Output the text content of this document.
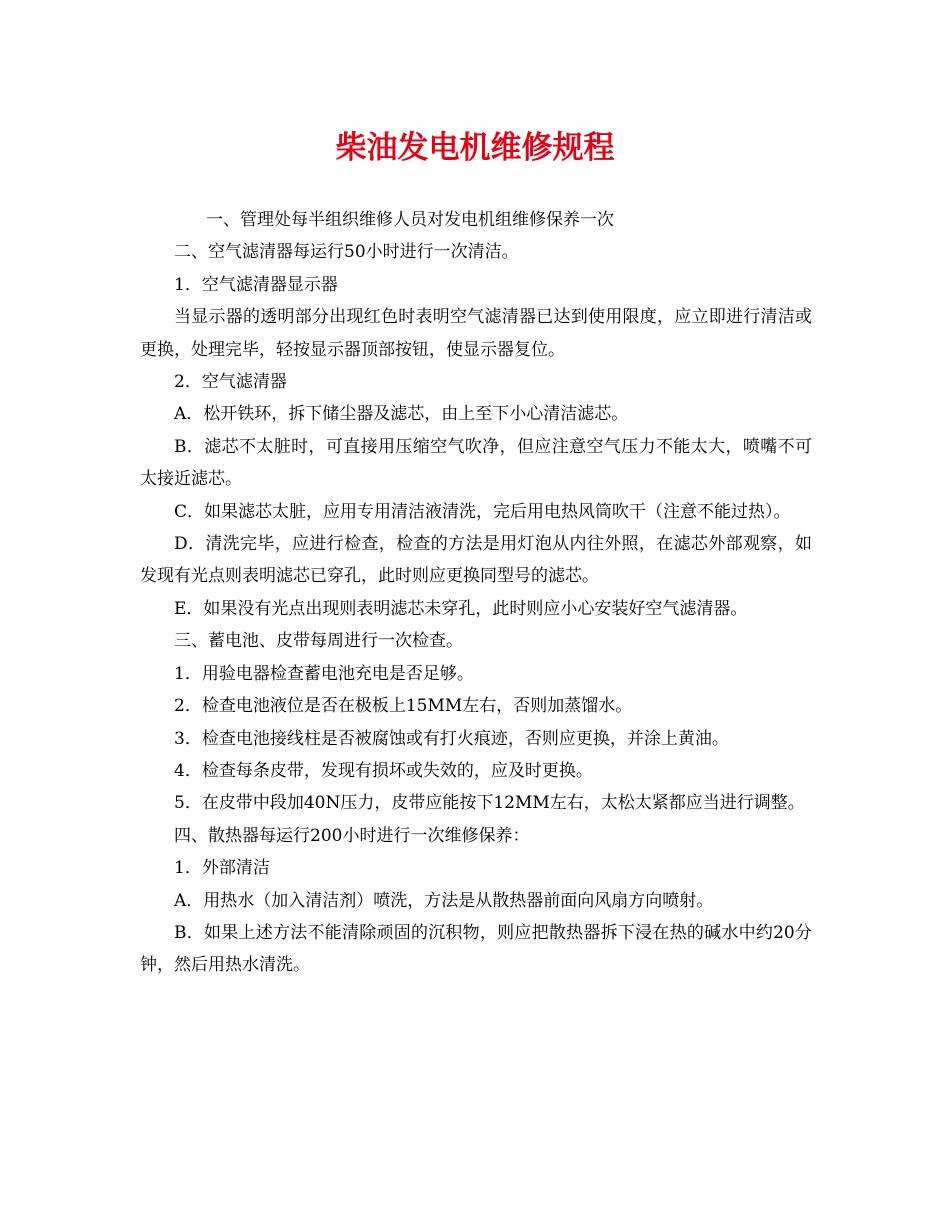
柴油发电机维修规程

一、管理处每半组织维修人员对发电机组维修保养一次

二、空气滤清器每运行50小时进行一次清洁。

1．空气滤清器显示器

当显示器的透明部分出现红色时表明空气滤清器已达到使用限度，应立即进行清洁或更换，处理完毕，轻按显示器顶部按钮，使显示器复位。

2．空气滤清器

A．松开铁环，拆下储尘器及滤芯，由上至下小心清洁滤芯。

B．滤芯不太脏时，可直接用压缩空气吹净，但应注意空气压力不能太大，喷嘴不可太接近滤芯。

C．如果滤芯太脏，应用专用清洁液清洗，完后用电热风筒吹干（注意不能过热）。

D．清洗完毕，应进行检查，检查的方法是用灯泡从内往外照，在滤芯外部观察，如发现有光点则表明滤芯已穿孔，此时则应更换同型号的滤芯。

E．如果没有光点出现则表明滤芯未穿孔，此时则应小心安装好空气滤清器。

三、蓄电池、皮带每周进行一次检查。

1．用验电器检查蓄电池充电是否足够。

2．检查电池液位是否在极板上15MM左右，否则加蒸馏水。

3．检查电池接线柱是否被腐蚀或有打火痕迹，否则应更换，并涂上黄油。

4．检查每条皮带，发现有损坏或失效的，应及时更换。

5．在皮带中段加40N压力，皮带应能按下12MM左右，太松太紧都应当进行调整。

四、散热器每运行200小时进行一次维修保养：

1．外部清洁

A．用热水（加入清洁剂）喷洗，方法是从散热器前面向风扇方向喷射。

B．如果上述方法不能清除顽固的沉积物，则应把散热器拆下浸在热的碱水中约20分钟，然后用热水清洗。
